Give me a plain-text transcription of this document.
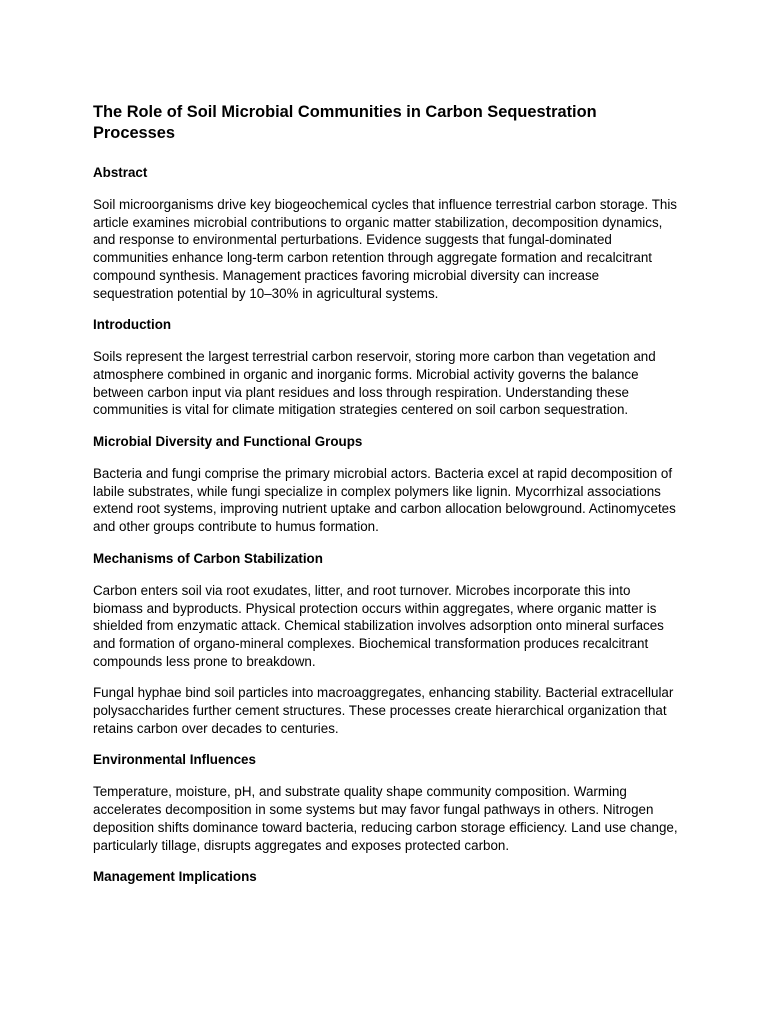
The Role of Soil Microbial Communities in Carbon Sequestration Processes
Abstract

Soil microorganisms drive key biogeochemical cycles that influence terrestrial carbon storage. This article examines microbial contributions to organic matter stabilization, decomposition dynamics, and response to environmental perturbations. Evidence suggests that fungal-dominated communities enhance long-term carbon retention through aggregate formation and recalcitrant compound synthesis. Management practices favoring microbial diversity can increase sequestration potential by 10–30% in agricultural systems.

Introduction

Soils represent the largest terrestrial carbon reservoir, storing more carbon than vegetation and atmosphere combined in organic and inorganic forms. Microbial activity governs the balance between carbon input via plant residues and loss through respiration. Understanding these communities is vital for climate mitigation strategies centered on soil carbon sequestration.

Microbial Diversity and Functional Groups

Bacteria and fungi comprise the primary microbial actors. Bacteria excel at rapid decomposition of labile substrates, while fungi specialize in complex polymers like lignin. Mycorrhizal associations extend root systems, improving nutrient uptake and carbon allocation belowground. Actinomycetes and other groups contribute to humus formation.

Mechanisms of Carbon Stabilization

Carbon enters soil via root exudates, litter, and root turnover. Microbes incorporate this into biomass and byproducts. Physical protection occurs within aggregates, where organic matter is shielded from enzymatic attack. Chemical stabilization involves adsorption onto mineral surfaces and formation of organo-mineral complexes. Biochemical transformation produces recalcitrant compounds less prone to breakdown.

Fungal hyphae bind soil particles into macroaggregates, enhancing stability. Bacterial extracellular polysaccharides further cement structures. These processes create hierarchical organization that retains carbon over decades to centuries.

Environmental Influences

Temperature, moisture, pH, and substrate quality shape community composition. Warming accelerates decomposition in some systems but may favor fungal pathways in others. Nitrogen deposition shifts dominance toward bacteria, reducing carbon storage efficiency. Land use change, particularly tillage, disrupts aggregates and exposes protected carbon.

Management Implications
